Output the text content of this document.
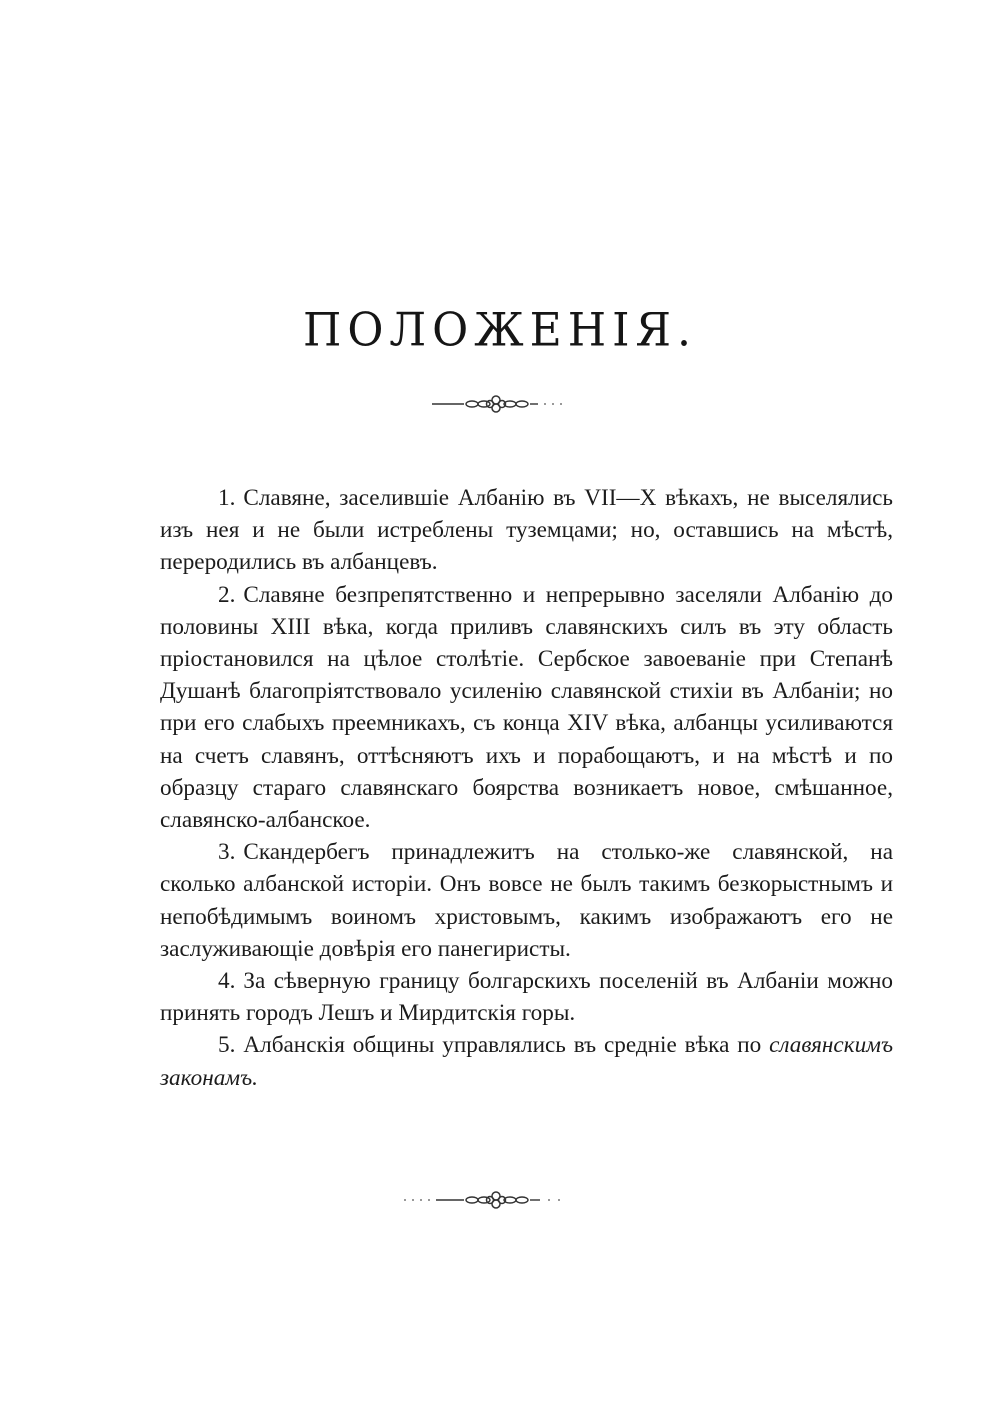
ПОЛОЖЕНІЯ.

1. Славяне, заселившіе Албанію въ VII—X вѣкахъ, не выселялись изъ нея и не были истреблены туземцами; но, оставшись на мѣстѣ, переродились въ албанцевъ.

2. Славяне безпрепятственно и непрерывно заселяли Албанію до половины XIII вѣка, когда приливъ славянскихъ силъ въ эту область пріостановился на цѣлое столѣтіе. Сербское завоеваніе при Степанѣ Душанѣ благопріятствовало усиленію славянской стихіи въ Албаніи; но при его слабыхъ преемникахъ, съ конца XIV вѣка, албанцы усиливаются на счетъ славянъ, оттѣсняютъ ихъ и порабощаютъ, и на мѣстѣ и по образцу стараго славянскаго боярства возникаетъ новое, смѣшанное, славянско-албанское.

3. Скандербегъ принадлежитъ на столько-же славянской, на сколько албанской исторіи. Онъ вовсе не былъ такимъ безкорыстнымъ и непобѣдимымъ воиномъ христовымъ, какимъ изображаютъ его не заслуживающіе довѣрія его панегиристы.

4. За сѣверную границу болгарскихъ поселеній въ Албаніи можно принять городъ Лешъ и Мирдитскія горы.

5. Албанскія общины управлялись въ средніе вѣка по славянскимъ законамъ.
